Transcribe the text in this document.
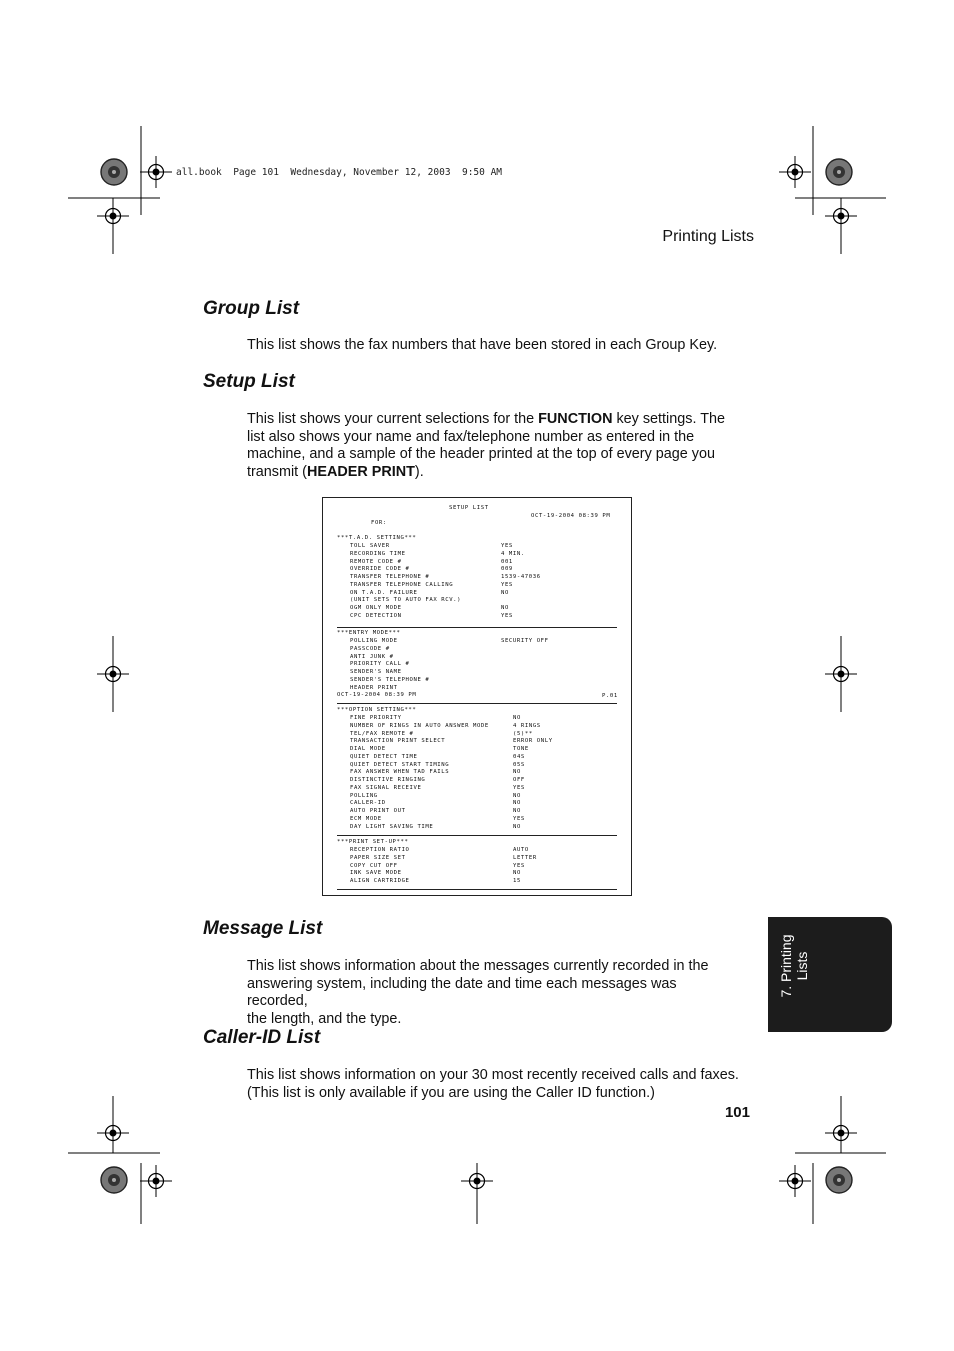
all.book  Page 101  Wednesday, November 12, 2003  9:50 AM
Printing Lists
Group List
This list shows the fax numbers that have been stored in each Group Key.
Setup List
This list shows your current selections for the FUNCTION key settings. The
list also shows your name and fax/telephone number as entered in the
machine, and a sample of the header printed at the top of every page you
transmit (HEADER PRINT).
SETUP LIST
OCT-19-2004 08:39 PM
FOR:
***T.A.D. SETTING***
TOLL SAVER
RECORDING TIME
REMOTE CODE #
OVERRIDE CODE #
TRANSFER TELEPHONE #
TRANSFER TELEPHONE CALLING
ON T.A.D. FAILURE
(UNIT SETS TO AUTO FAX RCV.)
OGM ONLY MODE
CPC DETECTION
YES
4 MIN.
001
009
1539-47036
YES
NO

NO
YES
***ENTRY MODE***
POLLING MODE
PASSCODE #
ANTI JUNK #
PRIORITY CALL #
SENDER'S NAME
SENDER'S TELEPHONE #
HEADER PRINT
SECURITY OFF
OCT-19-2004 08:39 PM	P.01
***OPTION SETTING***
FINE PRIORITY
NUMBER OF RINGS IN AUTO ANSWER MODE
TEL/FAX REMOTE #
TRANSACTION PRINT SELECT
DIAL MODE
QUIET DETECT TIME
QUIET DETECT START TIMING
FAX ANSWER WHEN TAD FAILS
DISTINCTIVE RINGING
FAX SIGNAL RECEIVE
POLLING
CALLER-ID
AUTO PRINT OUT
ECM MODE
DAY LIGHT SAVING TIME
NO
4 RINGS
(5)**
ERROR ONLY
TONE
04S
05S
NO
OFF
YES
NO
NO
NO
YES
NO
***PRINT SET-UP***
RECEPTION RATIO
PAPER SIZE SET
COPY CUT OFF
INK SAVE MODE
ALIGN CARTRIDGE
AUTO
LETTER
YES
NO
15
Message List
This list shows information about the messages currently recorded in the
answering system, including the date and time each messages was recorded,
the length, and the type.
Caller-ID List
This list shows information on your 30 most recently received calls and faxes.
(This list is only available if you are using the Caller ID function.)
7. Printing Lists
101
